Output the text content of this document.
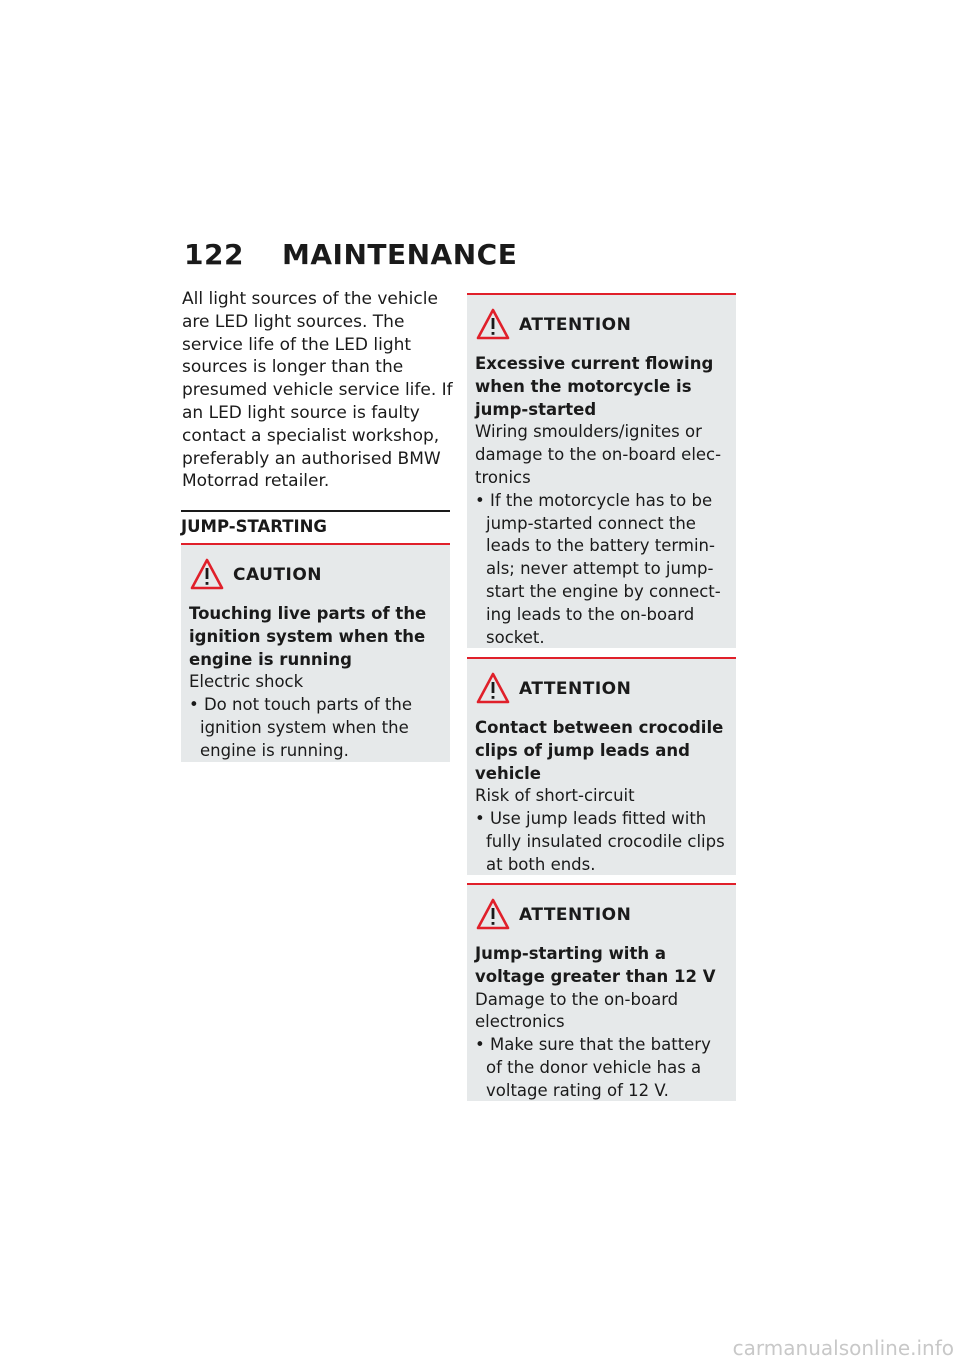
122 MAINTENANCE
All light sources of the vehicle are LED light sources. The service life of the LED light sources is longer than the presumed vehicle service life. If an LED light source is faulty contact a specialist workshop, preferably an authorised BMW Motorrad retailer.
JUMP-STARTING
CAUTION
Touching live parts of the ignition system when the engine is running
Electric shock
• Do not touch parts of the ignition system when the engine is running.
ATTENTION
Excessive current flowing when the motorcycle is jump-started
Wiring smoulders/ignites or damage to the on-board elec-tronics
• If the motorcycle has to be jump-started connect the leads to the battery termin-als; never attempt to jump-start the engine by connect-ing leads to the on-board socket.
ATTENTION
Contact between crocodile clips of jump leads and vehicle
Risk of short-circuit
• Use jump leads fitted with fully insulated crocodile clips at both ends.
ATTENTION
Jump-starting with a voltage greater than 12 V
Damage to the on-board electronics
• Make sure that the battery of the donor vehicle has a voltage rating of 12 V.
carmanualsonline.info
